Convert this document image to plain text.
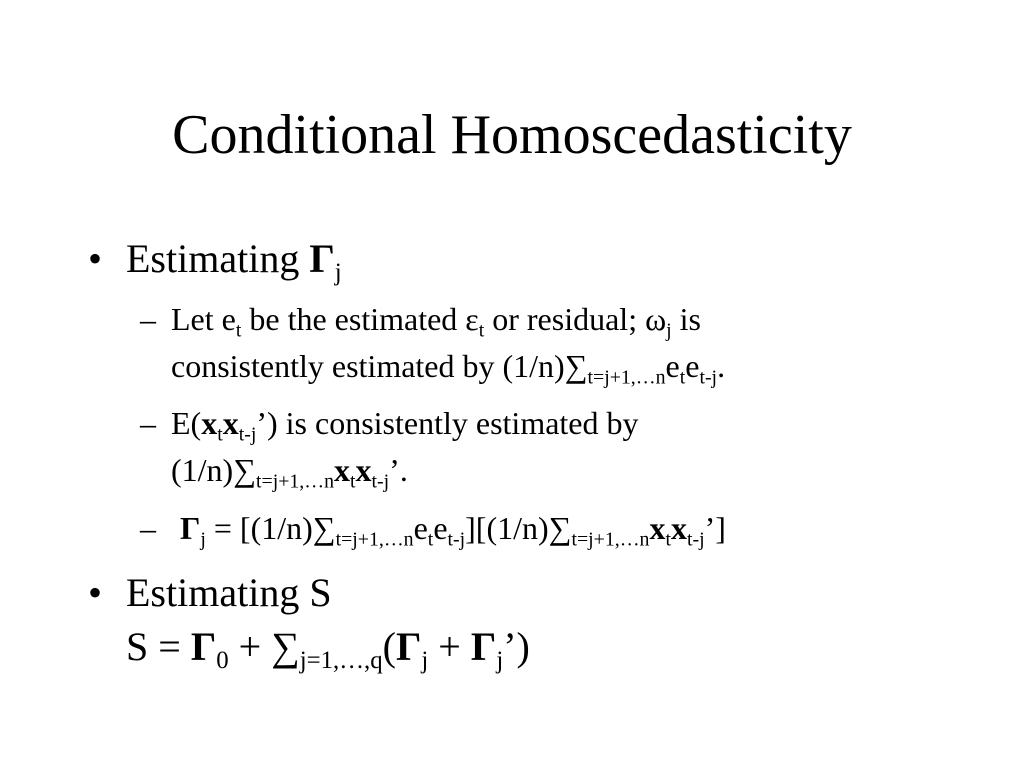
Conditional Homoscedasticity
• Estimating $\Gamma_j$
– Let $e_t$ be the estimated $\varepsilon_t$ or residual; $\omega_j$ is
consistently estimated by $(1/n)\sum_{t=j+1,\dots n}e_te_{t-j}$.
– $E(x_tx_{t-j}’)$ is consistently estimated by
$(1/n)\sum_{t=j+1,\dots n}x_tx_{t-j}$’.
– $\Gamma_j$ = $[(1/n)\sum_{t=j+1,\dots n}e_te_{t-j}][(1/n)\sum_{t=j+1,\dots n}x_tx_{t-j}’]$
• Estimating S
$S = \Gamma_0 + \sum_{j=1,\dots,q}(\Gamma_j$ + $\Gamma_j$’)
